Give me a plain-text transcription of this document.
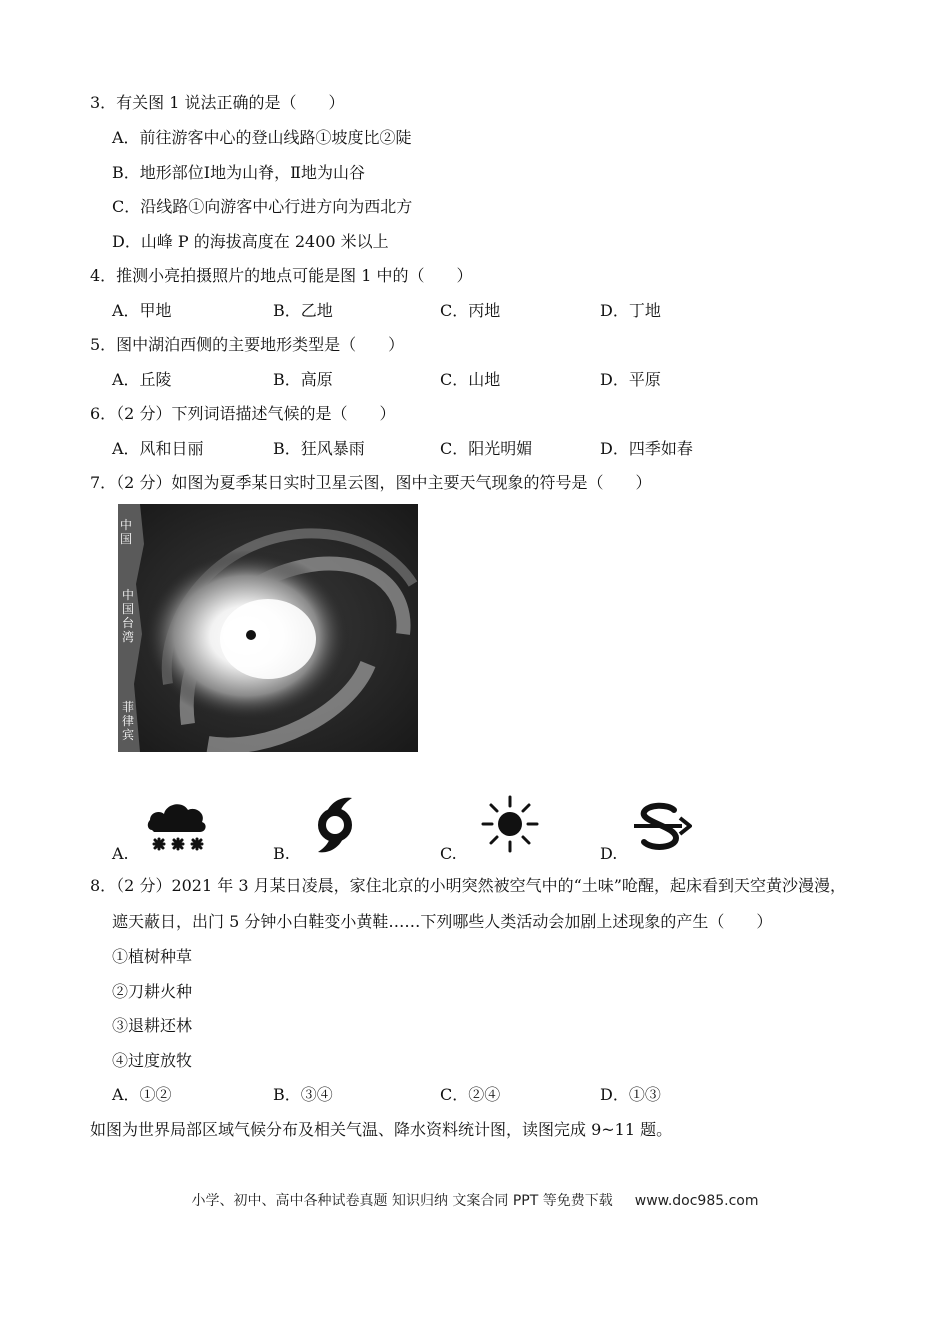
3．有关图 1 说法正确的是（　　）
A．前往游客中心的登山线路①坡度比②陡
B．地形部位Ⅰ地为山脊，Ⅱ地为山谷
C．沿线路①向游客中心行进方向为西北方
D．山峰 P 的海拔高度在 2400 米以上
4．推测小亮拍摄照片的地点可能是图 1 中的（　　）
A．甲地	B．乙地	C．丙地	D．丁地
5．图中湖泊西侧的主要地形类型是（　　）
A．丘陵	B．高原	C．山地	D．平原
6．（2 分）下列词语描述气候的是（　　）
A．风和日丽	B．狂风暴雨	C．阳光明媚	D．四季如春
7．（2 分）如图为夏季某日实时卫星云图，图中主要天气现象的符号是（　　）
中国
中国台湾
菲律宾
A.	B.	C.	D.
8．（2 分）2021 年 3 月某日凌晨，家住北京的小明突然被空气中的“土味”呛醒，起床看到天空黄沙漫漫，
遮天蔽日，出门 5 分钟小白鞋变小黄鞋……下列哪些人类活动会加剧上述现象的产生（　　）
①植树种草
②刀耕火种
③退耕还林
④过度放牧
A．①②	B．③④	C．②④	D．①③
如图为世界局部区域气候分布及相关气温、降水资料统计图，读图完成 9~11 题。
小学、初中、高中各种试卷真题 知识归纳 文案合同 PPT 等免费下载 www.doc985.com
